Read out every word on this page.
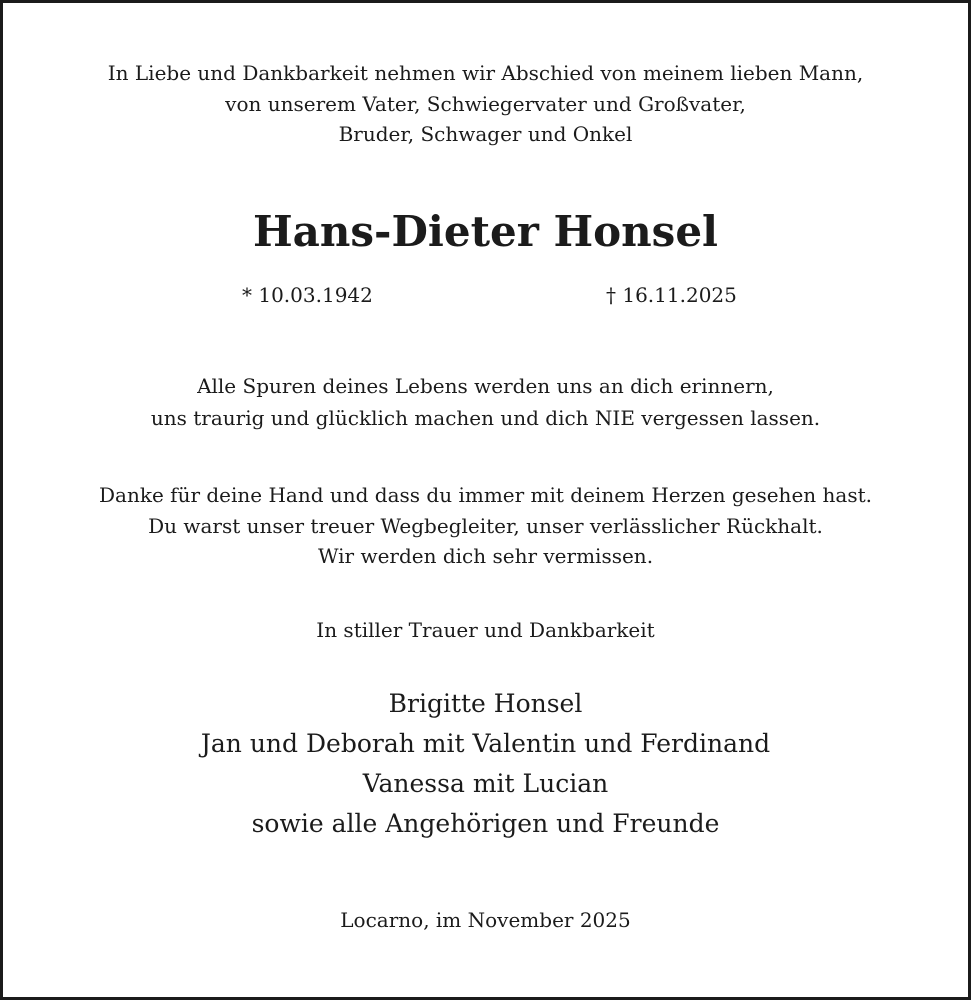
In Liebe und Dankbarkeit nehmen wir Abschied von meinem lieben Mann,
von unserem Vater, Schwiegervater und Großvater,
Bruder, Schwager und Onkel
Hans-Dieter Honsel
* 10.03.1942	† 16.11.2025
Alle Spuren deines Lebens werden uns an dich erinnern,
uns traurig und glücklich machen und dich NIE vergessen lassen.
Danke für deine Hand und dass du immer mit deinem Herzen gesehen hast.
Du warst unser treuer Wegbegleiter, unser verlässlicher Rückhalt.
Wir werden dich sehr vermissen.
In stiller Trauer und Dankbarkeit
Brigitte Honsel
Jan und Deborah mit Valentin und Ferdinand
Vanessa mit Lucian
sowie alle Angehörigen und Freunde
Locarno, im November 2025
